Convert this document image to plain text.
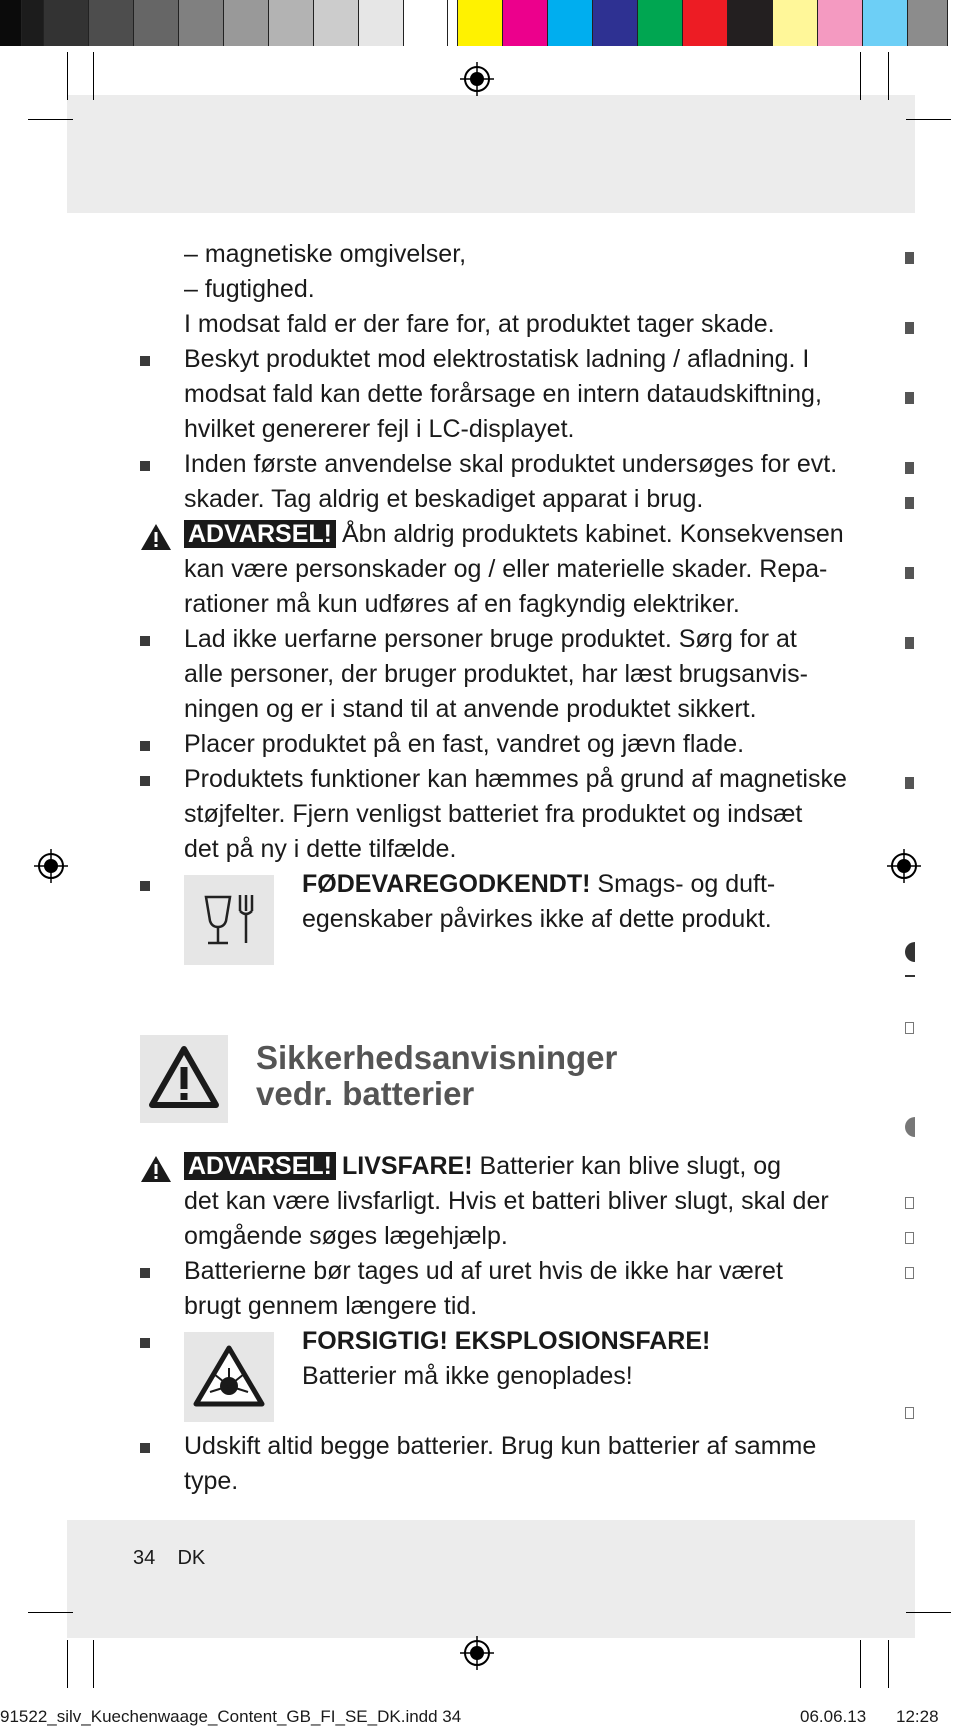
– magnetiske omgivelser,
– fugtighed.
I modsat fald er der fare for, at produktet tager skade.
Beskyt produktet mod elektrostatisk ladning / afladning. I
modsat fald kan dette forårsage en intern dataudskiftning,
hvilket genererer fejl i LC-displayet.
Inden første anvendelse skal produktet undersøges for evt.
skader. Tag aldrig et beskadiget apparat i brug.
ADVARSEL! Åbn aldrig produktets kabinet. Konsekvensen
kan være personskader og / eller materielle skader. Repa-
rationer må kun udføres af en fagkyndig elektriker.
Lad ikke uerfarne personer bruge produktet. Sørg for at
alle personer, der bruger produktet, har læst brugsanvis-
ningen og er i stand til at anvende produktet sikkert.
Placer produktet på en fast, vandret og jævn flade.
Produktets funktioner kan hæmmes på grund af magnetiske
støjfelter. Fjern venligst batteriet fra produktet og indsæt
det på ny i dette tilfælde.
FØDEVAREGODKENDT! Smags- og duft-
egenskaber påvirkes ikke af dette produkt.
Sikkerhedsanvisninger
vedr. batterier
ADVARSEL! LIVSFARE! Batterier kan blive slugt, og
det kan være livsfarligt. Hvis et batteri bliver slugt, skal der
omgående søges lægehjælp.
Batterierne bør tages ud af uret hvis de ikke har været
brugt gennem længere tid.
FORSIGTIG! EKSPLOSIONSFARE!
Batterier må ikke genoplades!
Udskift altid begge batterier. Brug kun batterier af samme
type.
34 DK
91522_silv_Kuechenwaage_Content_GB_FI_SE_DK.indd 34	06.06.13 12:28
